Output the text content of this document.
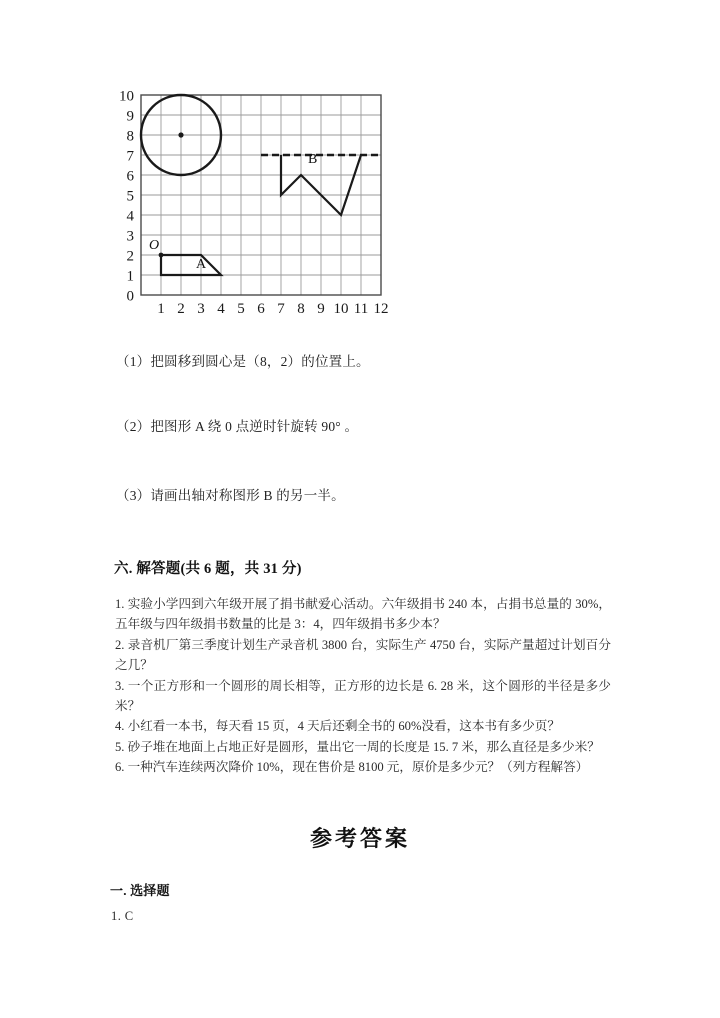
0
1
2
3
4
5
6
7
8
9
10
1 2 3 4 5 6 7 8 9 10 11 12
O
A
B
（1）把圆移到圆心是（8，2）的位置上。
（2）把图形 A 绕 0 点逆时针旋转 90° 。
（3）请画出轴对称图形 B 的另一半。
六. 解答题(共 6 题，共 31 分)

1. 实验小学四到六年级开展了捐书献爱心活动。六年级捐书 240 本，占捐书总量的 30%，五年级与四年级捐书数量的比是 3：4，四年级捐书多少本？

2. 录音机厂第三季度计划生产录音机 3800 台，实际生产 4750 台，实际产量超过计划百分之几？

3. 一个正方形和一个圆形的周长相等，正方形的边长是 6. 28 米，这个圆形的半径是多少米？

4. 小红看一本书，每天看 15 页，4 天后还剩全书的 60%没看，这本书有多少页？

5. 砂子堆在地面上占地正好是圆形，量出它一周的长度是 15. 7 米，那么直径是多少米？

6. 一种汽车连续两次降价 10%，现在售价是 8100 元，原价是多少元？（列方程解答）

参考答案
一. 选择题
1. C
